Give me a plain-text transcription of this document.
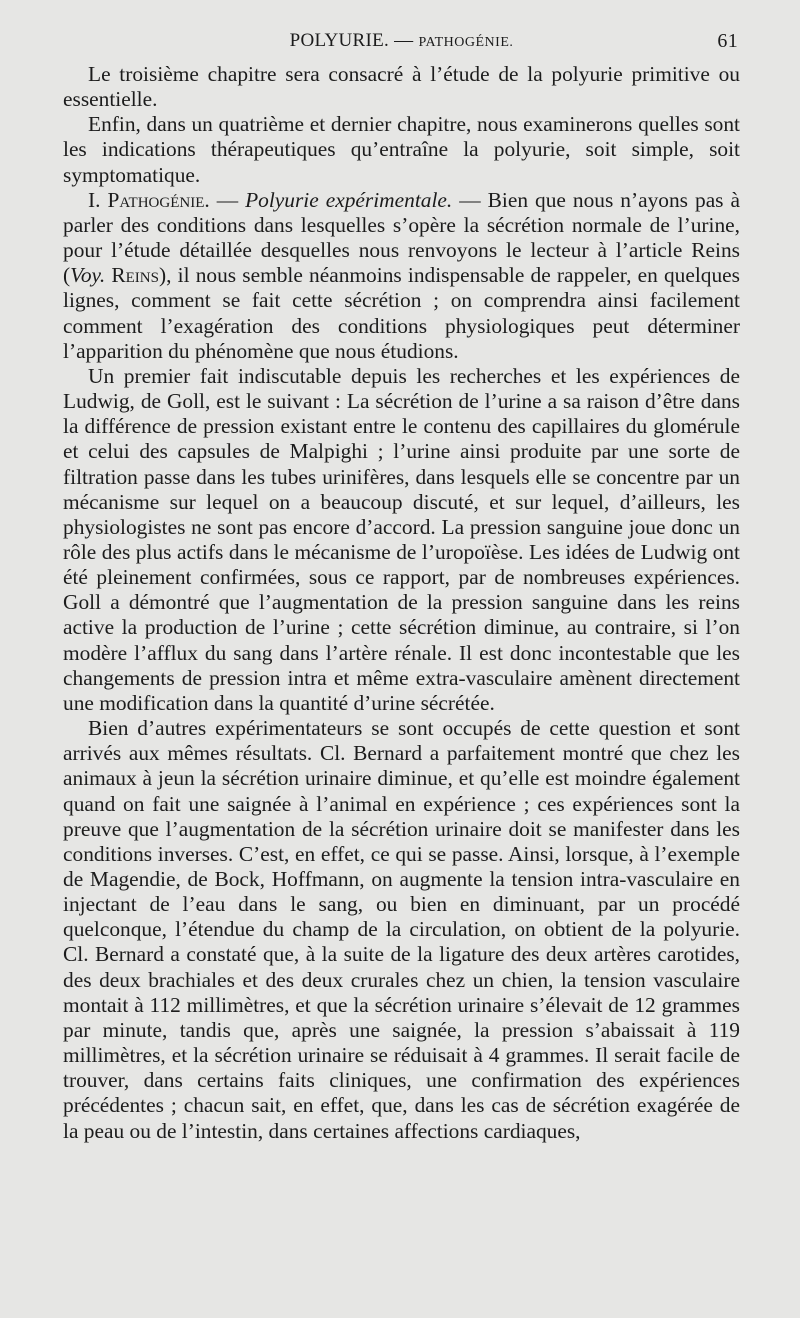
POLYURIE. — PATHOGÉNIE.	61

Le troisième chapitre sera consacré à l’étude de la polyurie primitive ou essentielle.

Enfin, dans un quatrième et dernier chapitre, nous examinerons quelles sont les indications thérapeutiques qu’entraîne la polyurie, soit simple, soit symptomatique.

I. Pathogénie. — Polyurie expérimentale. — Bien que nous n’ayons pas à parler des conditions dans lesquelles s’opère la sécrétion normale de l’urine, pour l’étude détaillée desquelles nous renvoyons le lecteur à l’article Reins (Voy. Reins), il nous semble néanmoins indispensable de rappeler, en quelques lignes, comment se fait cette sécrétion ; on comprendra ainsi facilement comment l’exagération des conditions physiologiques peut déterminer l’apparition du phénomène que nous étudions.

Un premier fait indiscutable depuis les recherches et les expériences de Ludwig, de Goll, est le suivant : La sécrétion de l’urine a sa raison d’être dans la différence de pression existant entre le contenu des capillaires du glomérule et celui des capsules de Malpighi ; l’urine ainsi produite par une sorte de filtration passe dans les tubes urinifères, dans lesquels elle se concentre par un mécanisme sur lequel on a beaucoup discuté, et sur lequel, d’ailleurs, les physiologistes ne sont pas encore d’accord. La pression sanguine joue donc un rôle des plus actifs dans le mécanisme de l’uropoïèse. Les idées de Ludwig ont été pleinement confirmées, sous ce rapport, par de nombreuses expériences. Goll a démontré que l’augmentation de la pression sanguine dans les reins active la production de l’urine ; cette sécrétion diminue, au contraire, si l’on modère l’afflux du sang dans l’artère rénale. Il est donc incontestable que les changements de pression intra et même extra-vasculaire amènent directement une modification dans la quantité d’urine sécrétée.

Bien d’autres expérimentateurs se sont occupés de cette question et sont arrivés aux mêmes résultats. Cl. Bernard a parfaitement montré que chez les animaux à jeun la sécrétion urinaire diminue, et qu’elle est moindre également quand on fait une saignée à l’animal en expérience ; ces expériences sont la preuve que l’augmentation de la sécrétion urinaire doit se manifester dans les conditions inverses. C’est, en effet, ce qui se passe. Ainsi, lorsque, à l’exemple de Magendie, de Bock, Hoffmann, on augmente la tension intra-vasculaire en injectant de l’eau dans le sang, ou bien en diminuant, par un procédé quelconque, l’étendue du champ de la circulation, on obtient de la polyurie. Cl. Bernard a constaté que, à la suite de la ligature des deux artères carotides, des deux brachiales et des deux crurales chez un chien, la tension vasculaire montait à 112 millimètres, et que la sécrétion urinaire s’élevait de 12 grammes par minute, tandis que, après une saignée, la pression s’abaissait à 119 millimètres, et la sécrétion urinaire se réduisait à 4 grammes. Il serait facile de trouver, dans certains faits cliniques, une confirmation des expériences précédentes ; chacun sait, en effet, que, dans les cas de sécrétion exagérée de la peau ou de l’intestin, dans certaines affections cardiaques,
